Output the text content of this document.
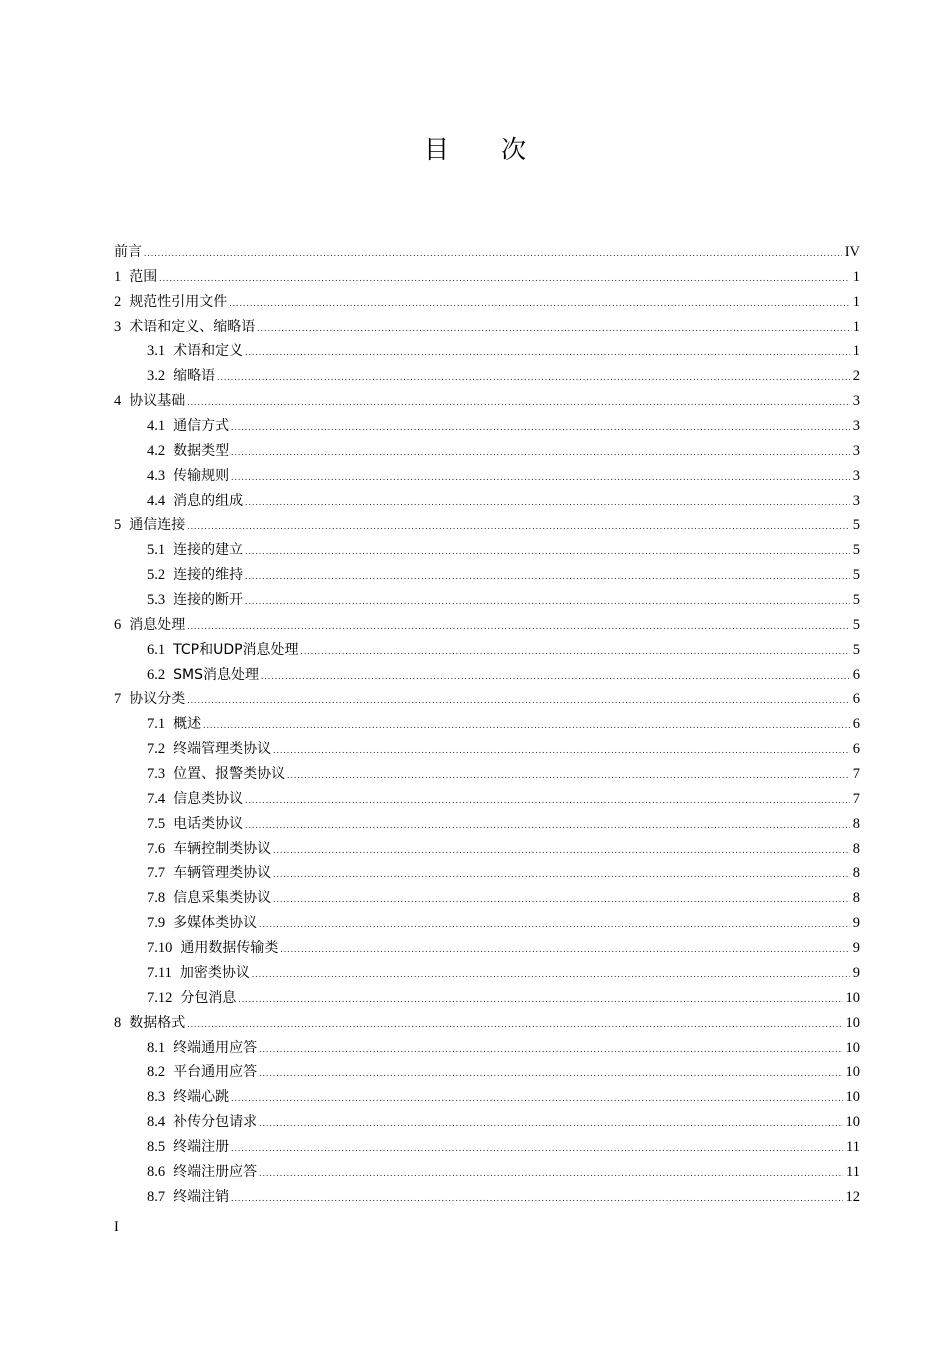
目 次
前言 .....	IV
1 范围 .....	1
2 规范性引用文件 .....	1
3 术语和定义、缩略语 .....	1
3.1 术语和定义 .....	1
3.2 缩略语 .....	2
4 协议基础 .....	3
4.1 通信方式 .....	3
4.2 数据类型 .....	3
4.3 传输规则 .....	3
4.4 消息的组成 .....	3
5 通信连接 .....	5
5.1 连接的建立 .....	5
5.2 连接的维持 .....	5
5.3 连接的断开 .....	5
6 消息处理 .....	5
6.1 TCP和UDP消息处理 .....	5
6.2 SMS消息处理 .....	6
7 协议分类 .....	6
7.1 概述 .....	6
7.2 终端管理类协议 .....	6
7.3 位置、报警类协议 .....	7
7.4 信息类协议 .....	7
7.5 电话类协议 .....	8
7.6 车辆控制类协议 .....	8
7.7 车辆管理类协议 .....	8
7.8 信息采集类协议 .....	8
7.9 多媒体类协议 .....	9
7.10 通用数据传输类 .....	9
7.11 加密类协议 .....	9
7.12 分包消息 .....	10
8 数据格式 .....	10
8.1 终端通用应答 .....	10
8.2 平台通用应答 .....	10
8.3 终端心跳 .....	10
8.4 补传分包请求 .....	10
8.5 终端注册 .....	11
8.6 终端注册应答 .....	11
8.7 终端注销 .....	12
I
